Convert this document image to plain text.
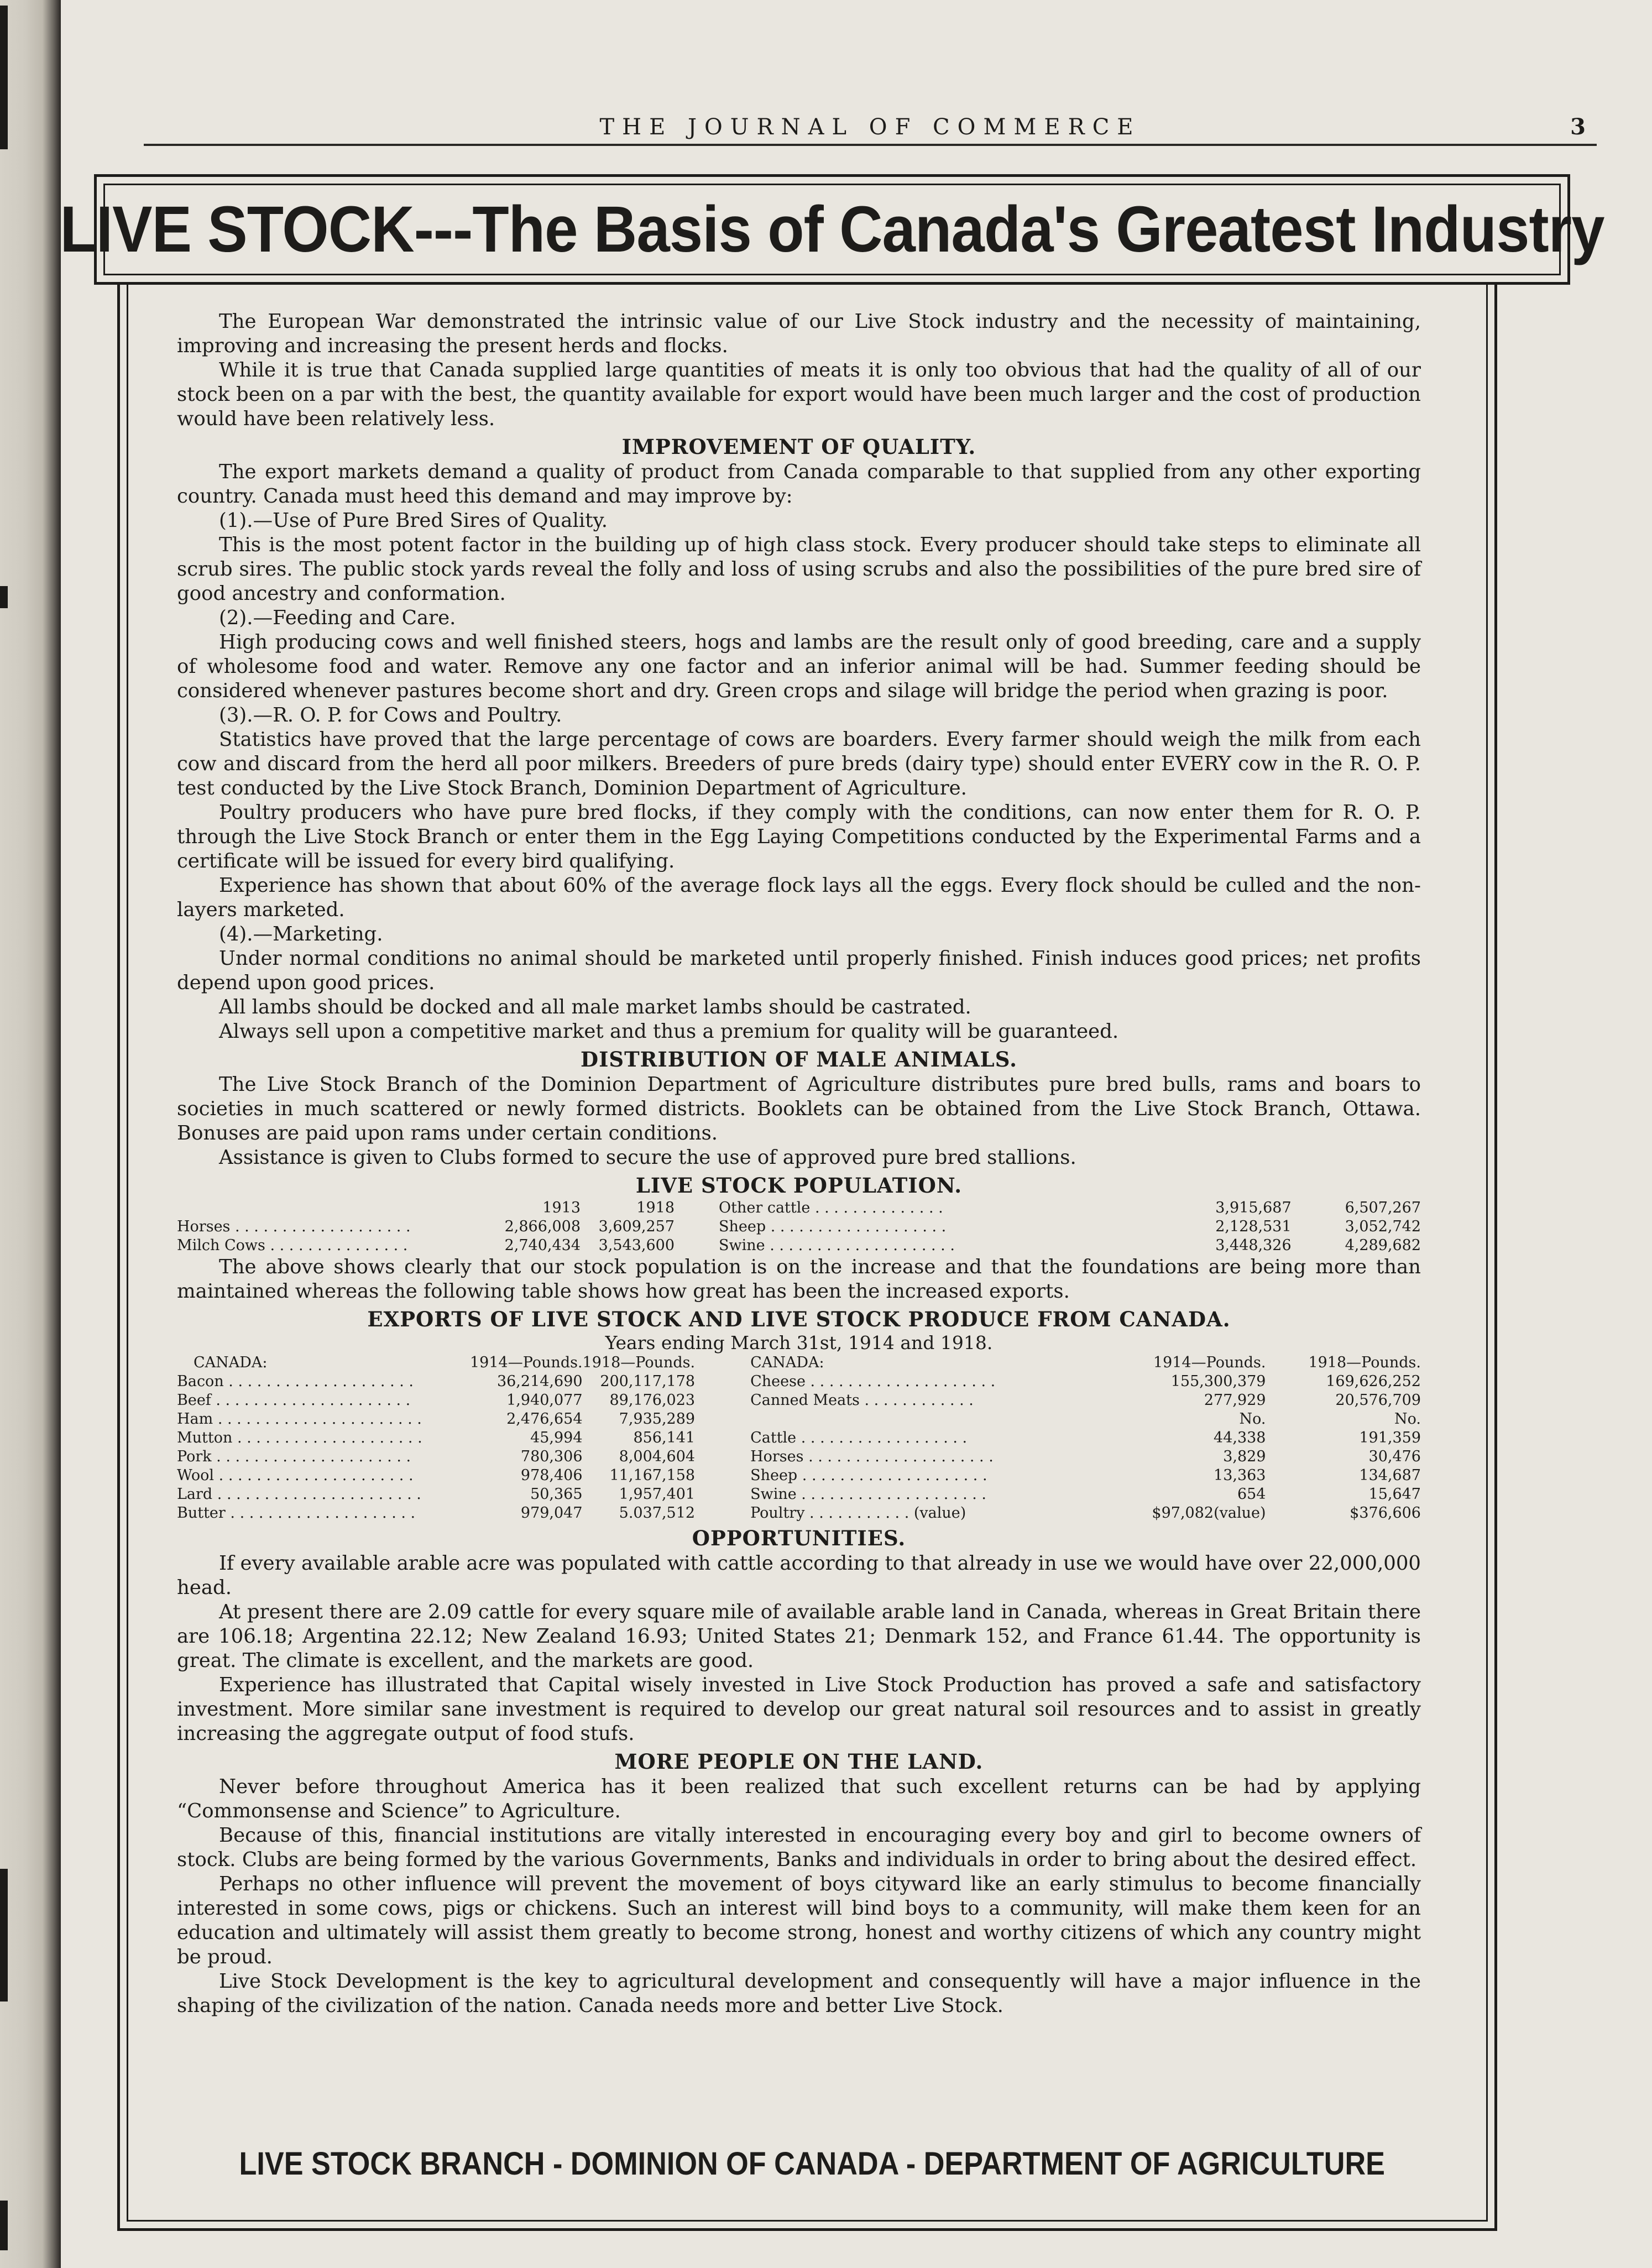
THE JOURNAL OF COMMERCE	3
LIVE STOCK---The Basis of Canada's Greatest Industry

The European War demonstrated the intrinsic value of our Live Stock industry and the necessity of maintaining, improving and increasing the present herds and flocks.

While it is true that Canada supplied large quantities of meats it is only too obvious that had the quality of all of our stock been on a par with the best, the quantity available for export would have been much larger and the cost of production would have been relatively less.

IMPROVEMENT OF QUALITY.

The export markets demand a quality of product from Canada comparable to that supplied from any other exporting country. Canada must heed this demand and may improve by:

(1).—Use of Pure Bred Sires of Quality.

This is the most potent factor in the building up of high class stock. Every producer should take steps to eliminate all scrub sires. The public stock yards reveal the folly and loss of using scrubs and also the possibilities of the pure bred sire of good ancestry and conformation.

(2).—Feeding and Care.

High producing cows and well finished steers, hogs and lambs are the result only of good breeding, care and a supply of wholesome food and water. Remove any one factor and an inferior animal will be had. Summer feeding should be considered whenever pastures become short and dry. Green crops and silage will bridge the period when grazing is poor.

(3).—R. O. P. for Cows and Poultry.

Statistics have proved that the large percentage of cows are boarders. Every farmer should weigh the milk from each cow and discard from the herd all poor milkers. Breeders of pure breds (dairy type) should enter EVERY cow in the R. O. P. test conducted by the Live Stock Branch, Dominion Department of Agriculture.

Poultry producers who have pure bred flocks, if they comply with the conditions, can now enter them for R. O. P. through the Live Stock Branch or enter them in the Egg Laying Competitions conducted by the Experimental Farms and a certificate will be issued for every bird qualifying.

Experience has shown that about 60% of the average flock lays all the eggs. Every flock should be culled and the non-layers marketed.

(4).—Marketing.

Under normal conditions no animal should be marketed until properly finished. Finish induces good prices; net profits depend upon good prices.

All lambs should be docked and all male market lambs should be castrated.

Always sell upon a competitive market and thus a premium for quality will be guaranteed.

DISTRIBUTION OF MALE ANIMALS.

The Live Stock Branch of the Dominion Department of Agriculture distributes pure bred bulls, rams and boars to societies in much scattered or newly formed districts. Booklets can be obtained from the Live Stock Branch, Ottawa. Bonuses are paid upon rams under certain conditions.

Assistance is given to Clubs formed to secure the use of approved pure bred stallions.

LIVE STOCK POPULATION.
	1913	1918	Other cattle . . . . . . . . . . . . . .	3,915,687	6,507,267
Horses . . . . . . . . . . . . . . . . . . .	2,866,008	3,609,257	Sheep . . . . . . . . . . . . . . . . . . .	2,128,531	3,052,742
Milch Cows . . . . . . . . . . . . . . .	2,740,434	3,543,600	Swine . . . . . . . . . . . . . . . . . . . .	3,448,326	4,289,682

The above shows clearly that our stock population is on the increase and that the foundations are being more than maintained whereas the following table shows how great has been the increased exports.

EXPORTS OF LIVE STOCK AND LIVE STOCK PRODUCE FROM CANADA.
Years ending March 31st, 1914 and 1918.
CANADA:	1914—Pounds.	1918—Pounds.	CANADA:	1914—Pounds.	1918—Pounds.
Bacon . . . . . . . . . . . . . . . . . . . .	36,214,690	200,117,178	Cheese . . . . . . . . . . . . . . . . . . . .	155,300,379	169,626,252
Beef . . . . . . . . . . . . . . . . . . . . .	1,940,077	89,176,023	Canned Meats . . . . . . . . . . . .	277,929	20,576,709
Ham . . . . . . . . . . . . . . . . . . . . . .	2,476,654	7,935,289		No.	No.
Mutton . . . . . . . . . . . . . . . . . . . .	45,994	856,141	Cattle . . . . . . . . . . . . . . . . . .	44,338	191,359
Pork . . . . . . . . . . . . . . . . . . . . .	780,306	8,004,604	Horses . . . . . . . . . . . . . . . . . . . .	3,829	30,476
Wool . . . . . . . . . . . . . . . . . . . . .	978,406	11,167,158	Sheep . . . . . . . . . . . . . . . . . . . .	13,363	134,687
Lard . . . . . . . . . . . . . . . . . . . . . .	50,365	1,957,401	Swine . . . . . . . . . . . . . . . . . . . .	654	15,647
Butter . . . . . . . . . . . . . . . . . . . .	979,047	5.037,512	Poultry . . . . . . . . . . . (value)	$97,082(value)	$376,606
OPPORTUNITIES.

If every available arable acre was populated with cattle according to that already in use we would have over 22,000,000 head.

At present there are 2.09 cattle for every square mile of available arable land in Canada, whereas in Great Britain there are 106.18; Argentina 22.12; New Zealand 16.93; United States 21; Denmark 152, and France 61.44. The opportunity is great. The climate is excellent, and the markets are good.

Experience has illustrated that Capital wisely invested in Live Stock Production has proved a safe and satisfactory investment. More similar sane investment is required to develop our great natural soil resources and to assist in greatly increasing the aggregate output of food stufs.

MORE PEOPLE ON THE LAND.

Never before throughout America has it been realized that such excellent returns can be had by applying “Commonsense and Science” to Agriculture.

Because of this, financial institutions are vitally interested in encouraging every boy and girl to become owners of stock. Clubs are being formed by the various Governments, Banks and individuals in order to bring about the desired effect.

Perhaps no other influence will prevent the movement of boys cityward like an early stimulus to become financially interested in some cows, pigs or chickens. Such an interest will bind boys to a community, will make them keen for an education and ultimately will assist them greatly to become strong, honest and worthy citizens of which any country might be proud.

Live Stock Development is the key to agricultural development and consequently will have a major influence in the shaping of the civilization of the nation. Canada needs more and better Live Stock.

LIVE STOCK BRANCH - DOMINION OF CANADA - DEPARTMENT OF AGRICULTURE
